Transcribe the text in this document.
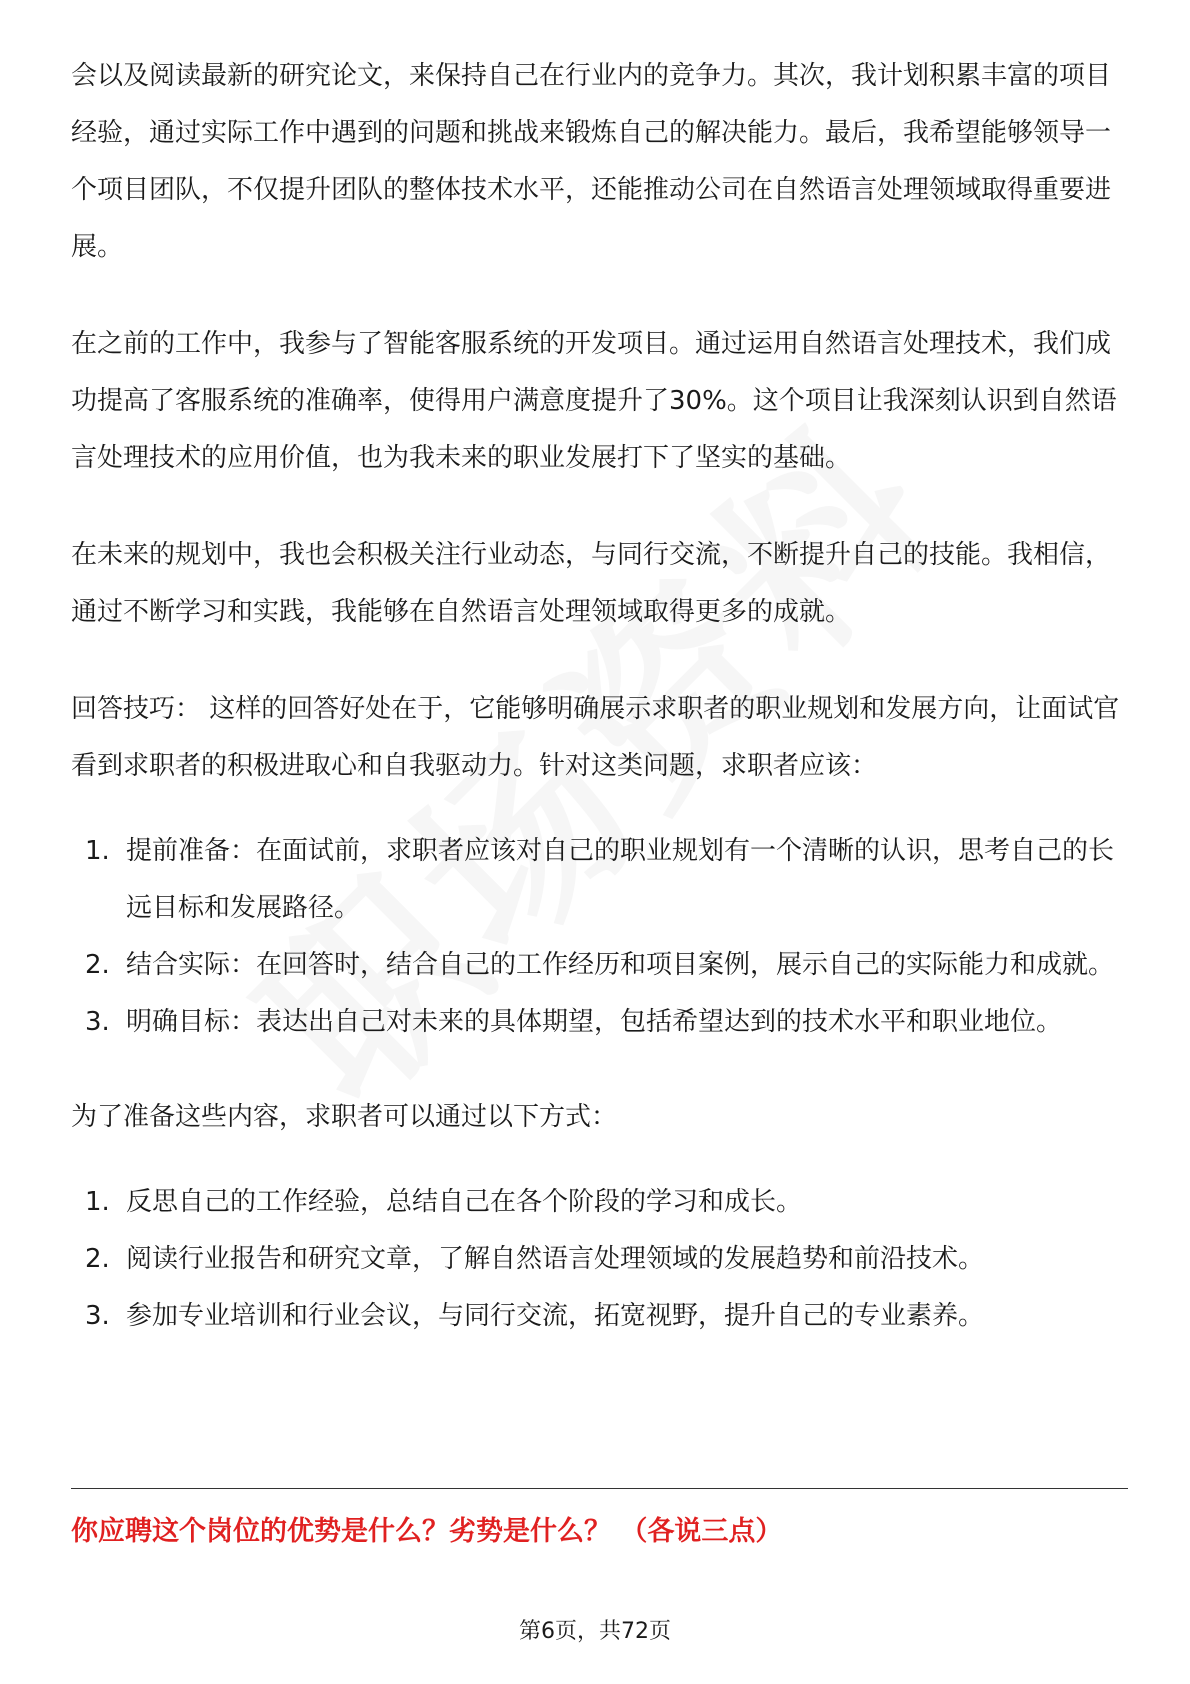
会以及阅读最新的研究论文，来保持自己在行业内的竞争力。其次，我计划积累丰富的项目经验，通过实际工作中遇到的问题和挑战来锻炼自己的解决能力。最后，我希望能够领导一个项目团队，不仅提升团队的整体技术水平，还能推动公司在自然语言处理领域取得重要进展。

在之前的工作中，我参与了智能客服系统的开发项目。通过运用自然语言处理技术，我们成功提高了客服系统的准确率，使得用户满意度提升了30%。这个项目让我深刻认识到自然语言处理技术的应用价值，也为我未来的职业发展打下了坚实的基础。

在未来的规划中，我也会积极关注行业动态，与同行交流，不断提升自己的技能。我相信，通过不断学习和实践，我能够在自然语言处理领域取得更多的成就。

回答技巧： 这样的回答好处在于，它能够明确展示求职者的职业规划和发展方向，让面试官看到求职者的积极进取心和自我驱动力。针对这类问题，求职者应该：

1. 提前准备：在面试前，求职者应该对自己的职业规划有一个清晰的认识，思考自己的长远目标和发展路径。
2. 结合实际：在回答时，结合自己的工作经历和项目案例，展示自己的实际能力和成就。
3. 明确目标：表达出自己对未来的具体期望，包括希望达到的技术水平和职业地位。

为了准备这些内容，求职者可以通过以下方式：

1. 反思自己的工作经验，总结自己在各个阶段的学习和成长。
2. 阅读行业报告和研究文章，了解自然语言处理领域的发展趋势和前沿技术。
3. 参加专业培训和行业会议，与同行交流，拓宽视野，提升自己的专业素养。
你应聘这个岗位的优势是什么？劣势是什么？ （各说三点）
第6页，共72页
